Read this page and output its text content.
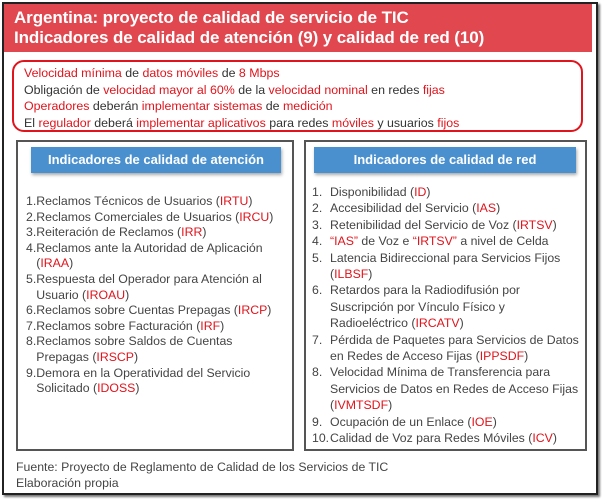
Argentina: proyecto de calidad de servicio de TIC
Indicadores de calidad de atención (9) y calidad de red (10)
Velocidad mínima de datos móviles de 8 Mbps
Obligación de velocidad mayor al 60% de la velocidad nominal en redes fijas
Operadores deberán implementar sistemas de medición
El regulador deberá implementar aplicativos para redes móviles y usuarios fijos
Indicadores de calidad de atención
1. Reclamos Técnicos de Usuarios (IRTU)
2. Reclamos Comerciales de Usuarios (IRCU)
3. Reiteración de Reclamos (IRR)
4. Reclamos ante la Autoridad de Aplicación (IRAA)
5. Respuesta del Operador para Atención al Usuario (IROAU)
6. Reclamos sobre Cuentas Prepagas (IRCP)
7. Reclamos sobre Facturación (IRF)
8. Reclamos sobre Saldos de Cuentas Prepagas (IRSCP)
9. Demora en la Operatividad del Servicio Solicitado (IDOSS)
Indicadores de calidad de red
1. Disponibilidad (ID)
2. Accesibilidad del Servicio (IAS)
3. Retenibilidad del Servicio de Voz (IRTSV)
4. “IAS” de Voz e “IRTSV” a nivel de Celda
5. Latencia Bidireccional para Servicios Fijos (ILBSF)
6. Retardos para la Radiodifusión por Suscripción por Vínculo Físico y Radioeléctrico (IRCATV)
7. Pérdida de Paquetes para Servicios de Datos en Redes de Acceso Fijas (IPPSDF)
8. Velocidad Mínima de Transferencia para Servicios de Datos en Redes de Acceso Fijas (IVMTSDF)
9. Ocupación de un Enlace (IOE)
10. Calidad de Voz para Redes Móviles (ICV)
Fuente: Proyecto de Reglamento de Calidad de los Servicios de TIC
Elaboración propia
